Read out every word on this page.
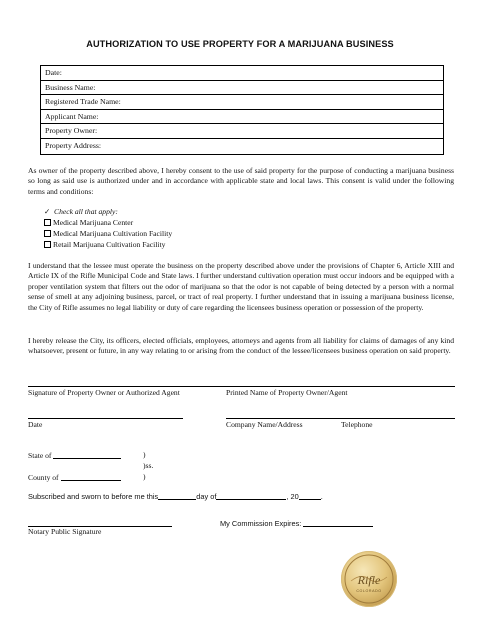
AUTHORIZATION TO USE PROPERTY FOR A MARIJUANA BUSINESS
Date:
Business Name:
Registered Trade Name:
Applicant Name:
Property Owner:
Property Address:
As owner of the property described above, I hereby consent to the use of said property for the purpose of conducting a marijuana business so long as said use is authorized under and in accordance with applicable state and local laws. This consent is valid under the following terms and conditions:
✓ Check all that apply:
Medical Marijuana Center
Medical Marijuana Cultivation Facility
Retail Marijuana Cultivation Facility
I understand that the lessee must operate the business on the property described above under the provisions of Chapter 6, Article XIII and Article IX of the Rifle Municipal Code and State laws. I further understand cultivation operation must occur indoors and be equipped with a proper ventilation system that filters out the odor of marijuana so that the odor is not capable of being detected by a person with a normal sense of smell at any adjoining business, parcel, or tract of real property. I further understand that in issuing a marijuana business license, the City of Rifle assumes no legal liability or duty of care regarding the licensees business operation or possession of the property.
I hereby release the City, its officers, elected officials, employees, attorneys and agents from all liability for claims of damages of any kind whatsoever, present or future, in any way relating to or arising from the conduct of the lessee/licensees business operation on said property.
Signature of Property Owner or Authorized Agent	Printed Name of Property Owner/Agent
Date	Company Name/Address	Telephone
State of	)
)ss.
)
County of
Subscribed and sworn to before me this	day of	, 20	.
Notary Public Signature
My Commission Expires:
Rifle
COLORADO
